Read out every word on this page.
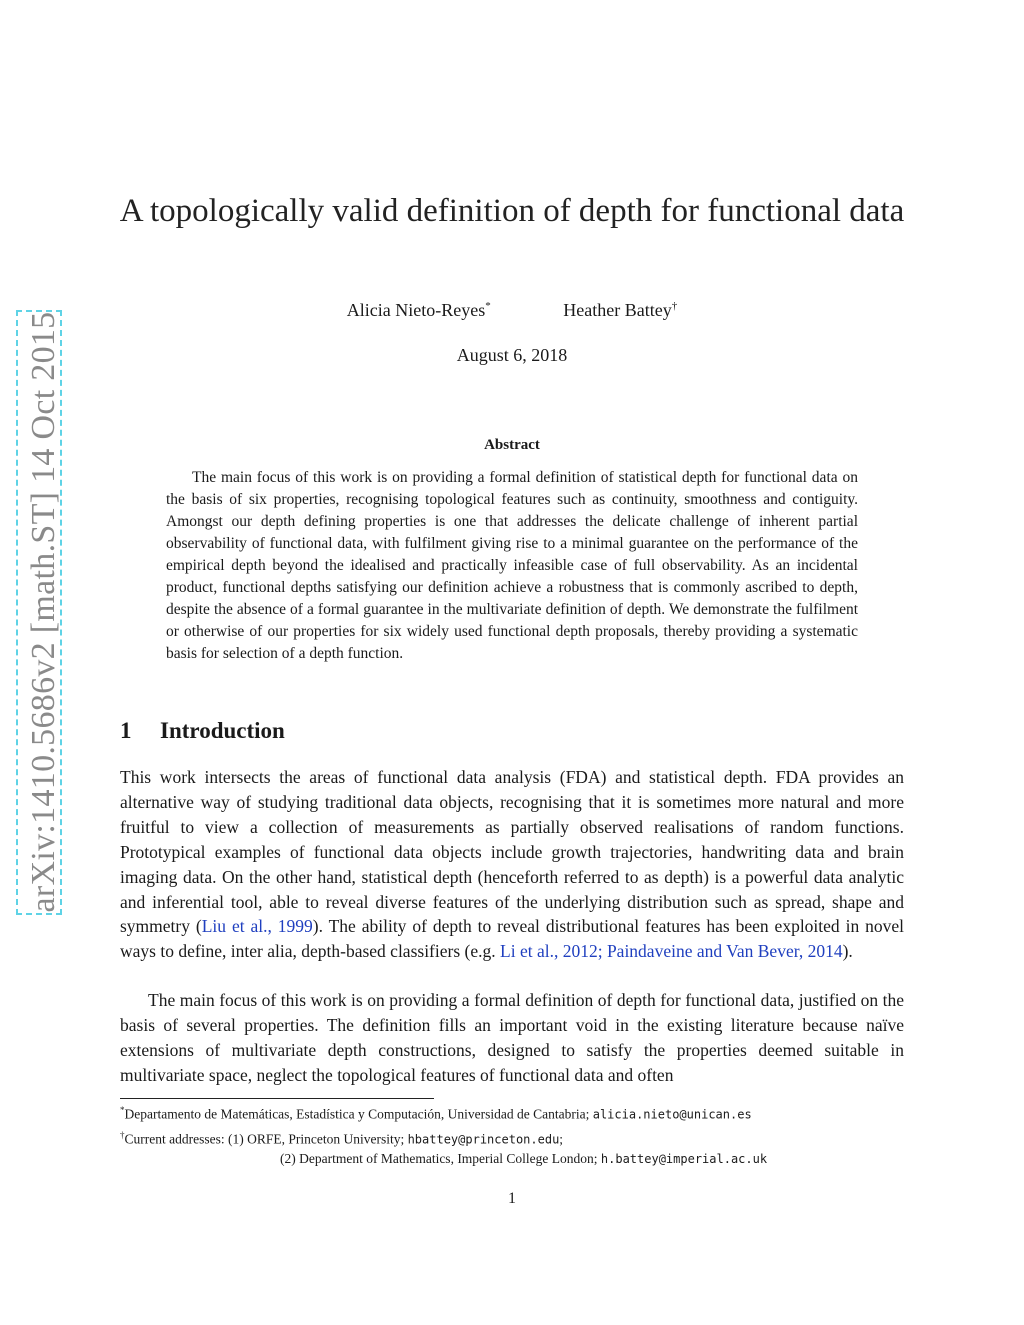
arXiv:1410.5686v2 [math.ST] 14 Oct 2015
A topologically valid definition of depth for functional data
Alicia Nieto-Reyes*	Heather Battey†
August 6, 2018
Abstract
The main focus of this work is on providing a formal definition of statistical depth for functional data on the basis of six properties, recognising topological features such as continuity, smoothness and contiguity. Amongst our depth defining properties is one that addresses the delicate challenge of inherent partial observability of functional data, with fulfilment giving rise to a minimal guarantee on the performance of the empirical depth beyond the idealised and practically infeasible case of full observability. As an incidental product, functional depths satisfying our definition achieve a robustness that is commonly ascribed to depth, despite the absence of a formal guarantee in the multivariate definition of depth. We demonstrate the fulfilment or otherwise of our properties for six widely used functional depth proposals, thereby providing a systematic basis for selection of a depth function.
1 Introduction
This work intersects the areas of functional data analysis (FDA) and statistical depth. FDA provides an alternative way of studying traditional data objects, recognising that it is sometimes more natural and more fruitful to view a collection of measurements as partially observed realisations of random functions. Prototypical examples of functional data objects include growth trajectories, handwriting data and brain imaging data. On the other hand, statistical depth (henceforth referred to as depth) is a powerful data analytic and inferential tool, able to reveal diverse features of the underlying distribution such as spread, shape and symmetry (Liu et al., 1999). The ability of depth to reveal distributional features has been exploited in novel ways to define, inter alia, depth-based classifiers (e.g. Li et al., 2012; Paindaveine and Van Bever, 2014).
The main focus of this work is on providing a formal definition of depth for functional data, justified on the basis of several properties. The definition fills an important void in the existing literature because naïve extensions of multivariate depth constructions, designed to satisfy the properties deemed suitable in multivariate space, neglect the topological features of functional data and often
*Departamento de Matemáticas, Estadística y Computación, Universidad de Cantabria; alicia.nieto@unican.es
†Current addresses: (1) ORFE, Princeton University; hbattey@princeton.edu;
(2) Department of Mathematics, Imperial College London; h.battey@imperial.ac.uk
1
